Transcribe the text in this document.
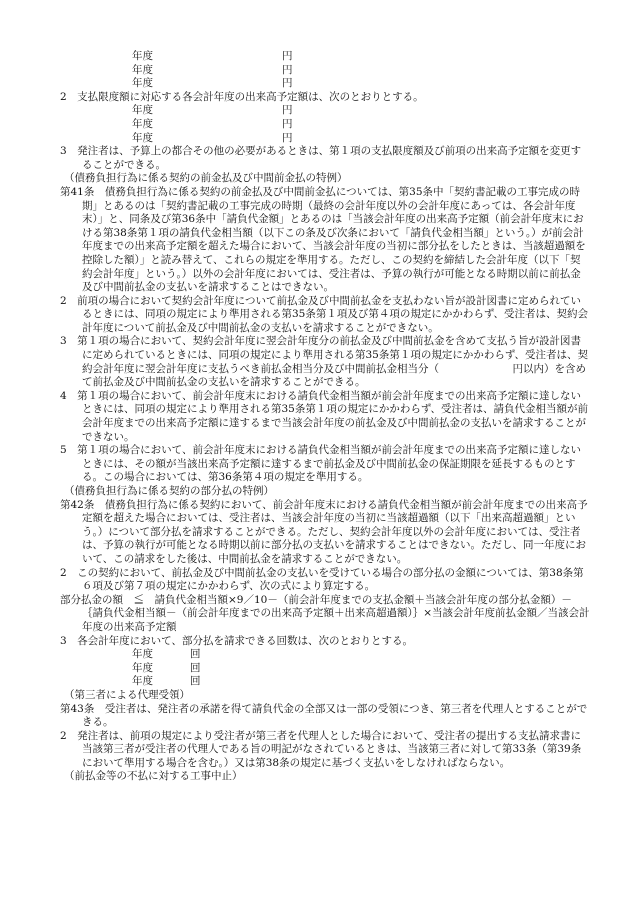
年度	円
年度	円
年度	円
2　支払限度額に対応する各会計年度の出来高予定額は、次のとおりとする。
年度	円
年度	円
年度	円
3　発注者は、予算上の都合その他の必要があるときは、第１項の支払限度額及び前項の出来高予定額を変更することができる。
（債務負担行為に係る契約の前金払及び中間前金払の特例）
第41条　債務負担行為に係る契約の前金払及び中間前金払については、第35条中「契約書記載の工事完成の時期」とあるのは「契約書記載の工事完成の時期（最終の会計年度以外の会計年度にあっては、各会計年度末）」と、同条及び第36条中「請負代金額」とあるのは「当該会計年度の出来高予定額（前会計年度末における第38条第１項の請負代金相当額（以下この条及び次条において「請負代金相当額」という。）が前会計年度までの出来高予定額を超えた場合において、当該会計年度の当初に部分払をしたときは、当該超過額を控除した額）」と読み替えて、これらの規定を準用する。ただし、この契約を締結した会計年度（以下「契約会計年度」という。）以外の会計年度においては、受注者は、予算の執行が可能となる時期以前に前払金及び中間前払金の支払いを請求することはできない。
2　前項の場合において契約会計年度について前払金及び中間前払金を支払わない旨が設計図書に定められているときには、同項の規定により準用される第35条第１項及び第４項の規定にかかわらず、受注者は、契約会計年度について前払金及び中間前払金の支払いを請求することができない。
3　第１項の場合において、契約会計年度に翌会計年度分の前払金及び中間前払金を含めて支払う旨が設計図書に定められているときには、同項の規定により準用される第35条第１項の規定にかかわらず、受注者は、契約会計年度に翌会計年度に支払うべき前払金相当分及び中間前払金相当分（　　　　　　　円以内）を含めて前払金及び中間前払金の支払いを請求することができる。
4　第１項の場合において、前会計年度末における請負代金相当額が前会計年度までの出来高予定額に達しないときには、同項の規定により準用される第35条第１項の規定にかかわらず、受注者は、請負代金相当額が前会計年度までの出来高予定額に達するまで当該会計年度の前払金及び中間前払金の支払いを請求することができない。
5　第１項の場合において、前会計年度末における請負代金相当額が前会計年度までの出来高予定額に達しないときには、その額が当該出来高予定額に達するまで前払金及び中間前払金の保証期限を延長するものとする。この場合においては、第36条第４項の規定を準用する。
（債務負担行為に係る契約の部分払の特例）
第42条　債務負担行為に係る契約において、前会計年度末における請負代金相当額が前会計年度までの出来高予定額を超えた場合においては、受注者は、当該会計年度の当初に当該超過額（以下「出来高超過額」という。）について部分払を請求することができる。ただし、契約会計年度以外の会計年度においては、受注者は、予算の執行が可能となる時期以前に部分払の支払いを請求することはできない。ただし、同一年度において、この請求をした後は、中間前払金を請求することができない。
2　この契約において、前払金及び中間前払金の支払いを受けている場合の部分払の金額については、第38条第６項及び第７項の規定にかかわらず、次の式により算定する。
部分払金の額　≦　請負代金相当額×9／10－（前会計年度までの支払金額＋当該会計年度の部分払金額）－｛請負代金相当額－（前会計年度までの出来高予定額＋出来高超過額）｝×当該会計年度前払金額／当該会計年度の出来高予定額
3　各会計年度において、部分払を請求できる回数は、次のとおりとする。
年度	回
年度	回
年度	回
（第三者による代理受領）
第43条　受注者は、発注者の承諾を得て請負代金の全部又は一部の受領につき、第三者を代理人とすることができる。
2　発注者は、前項の規定により受注者が第三者を代理人とした場合において、受注者の提出する支払請求書に当該第三者が受注者の代理人である旨の明記がなされているときは、当該第三者に対して第33条（第39条において準用する場合を含む。）又は第38条の規定に基づく支払いをしなければならない。
（前払金等の不払に対する工事中止）
